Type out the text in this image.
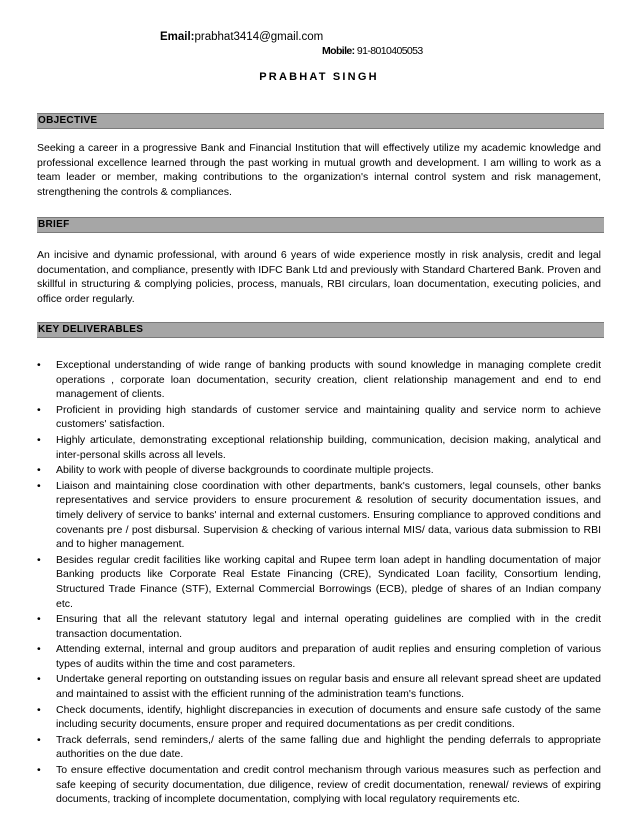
Email:prabhat3414@gmail.com
Mobile: 91-8010405053
PRABHAT SINGH
OBJECTIVE
Seeking a career in a progressive Bank and Financial Institution that will effectively utilize my academic knowledge and professional excellence learned through the past working in mutual growth and development. I am willing to work as a team leader or member, making contributions to the organization's internal control system and risk management, strengthening the controls & compliances.
BRIEF
An incisive and dynamic professional, with around 6 years of wide experience mostly in risk analysis, credit and legal documentation, and compliance, presently with IDFC Bank Ltd and previously with Standard Chartered Bank. Proven and skillful in structuring & complying policies, process, manuals, RBI circulars, loan documentation, executing policies, and office order regularly.
KEY DELIVERABLES
• Exceptional understanding of wide range of banking products with sound knowledge in managing complete credit operations , corporate loan documentation, security creation, client relationship management and end to end management of clients.
• Proficient in providing high standards of customer service and maintaining quality and service norm to achieve customers' satisfaction.
• Highly articulate, demonstrating exceptional relationship building, communication, decision making, analytical and inter-personal skills across all levels.
• Ability to work with people of diverse backgrounds to coordinate multiple projects.
• Liaison and maintaining close coordination with other departments, bank's customers, legal counsels, other banks representatives and service providers to ensure procurement & resolution of security documentation issues, and timely delivery of service to banks' internal and external customers. Ensuring compliance to approved conditions and covenants pre / post disbursal. Supervision & checking of various internal MIS/ data, various data submission to RBI and to higher management.
• Besides regular credit facilities like working capital and Rupee term loan adept in handling documentation of major Banking products like Corporate Real Estate Financing (CRE), Syndicated Loan facility, Consortium lending, Structured Trade Finance (STF), External Commercial Borrowings (ECB), pledge of shares of an Indian company etc.
• Ensuring that all the relevant statutory legal and internal operating guidelines are complied with in the credit transaction documentation.
• Attending external, internal and group auditors and preparation of audit replies and ensuring completion of various types of audits within the time and cost parameters.
• Undertake general reporting on outstanding issues on regular basis and ensure all relevant spread sheet are updated and maintained to assist with the efficient running of the administration team's functions.
• Check documents, identify, highlight discrepancies in execution of documents and ensure safe custody of the same including security documents, ensure proper and required documentations as per credit conditions.
• Track deferrals, send reminders,/ alerts of the same falling due and highlight the pending deferrals to appropriate authorities on the due date.
• To ensure effective documentation and credit control mechanism through various measures such as perfection and safe keeping of security documentation, due diligence, review of credit documentation, renewal/ reviews of expiring documents, tracking of incomplete documentation, complying with local regulatory requirements etc.
